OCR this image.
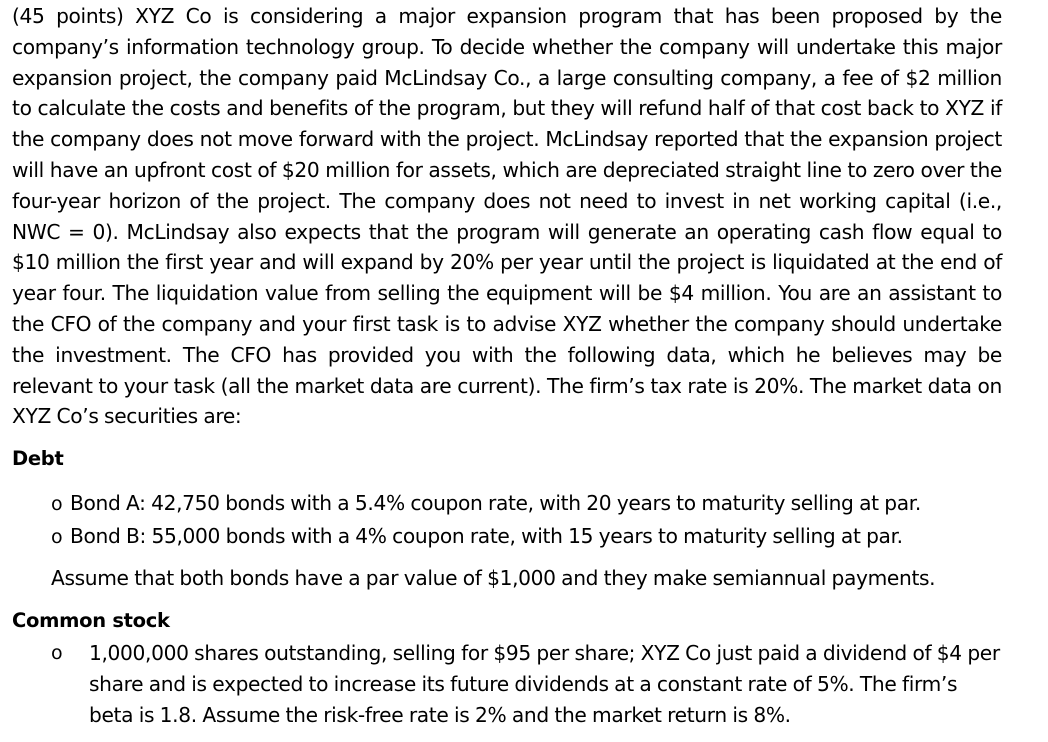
(45 points) XYZ Co is considering a major expansion program that has been proposed by the company’s information technology group. To decide whether the company will undertake this major expansion project, the company paid McLindsay Co., a large consulting company, a fee of $2 million to calculate the costs and benefits of the program, but they will refund half of that cost back to XYZ if the company does not move forward with the project. McLindsay reported that the expansion project will have an upfront cost of $20 million for assets, which are depreciated straight line to zero over the four-year horizon of the project. The company does not need to invest in net working capital (i.e., NWC = 0). McLindsay also expects that the program will generate an operating cash flow equal to $10 million the first year and will expand by 20% per year until the project is liquidated at the end of year four. The liquidation value from selling the equipment will be $4 million. You are an assistant to the CFO of the company and your first task is to advise XYZ whether the company should undertake the investment. The CFO has provided you with the following data, which he believes may be relevant to your task (all the market data are current). The firm’s tax rate is 20%. The market data on XYZ Co’s securities are:

Debt
o Bond A: 42,750 bonds with a 5.4% coupon rate, with 20 years to maturity selling at par.
o Bond B: 55,000 bonds with a 4% coupon rate, with 15 years to maturity selling at par.

Assume that both bonds have a par value of $1,000 and they make semiannual payments.

Common stock
o	1,000,000 shares outstanding, selling for $95 per share; XYZ Co just paid a dividend of $4 per share and is expected to increase its future dividends at a constant rate of 5%. The firm’s beta is 1.8. Assume the risk-free rate is 2% and the market return is 8%.
